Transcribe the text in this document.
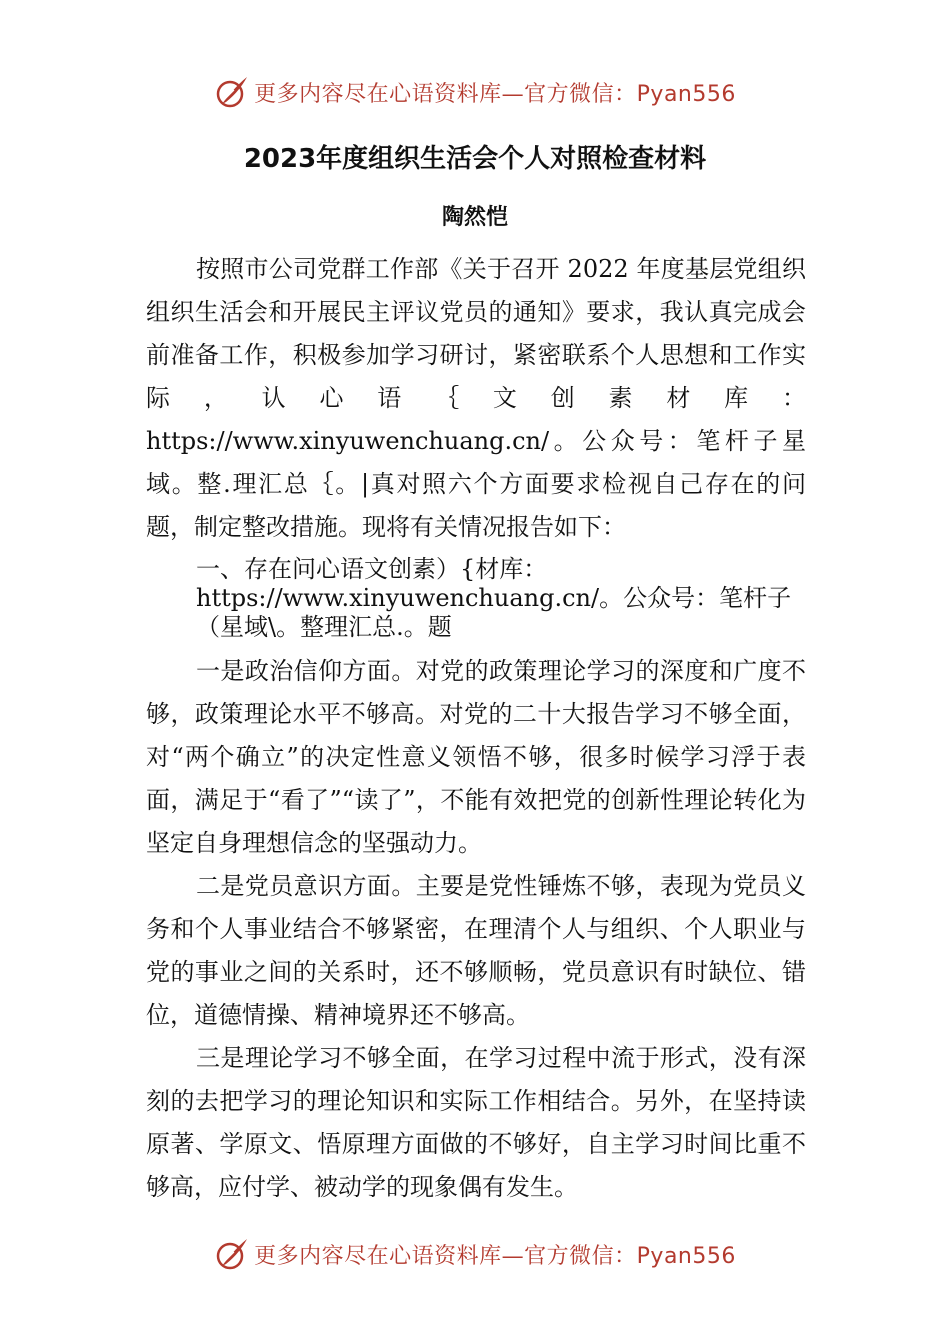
更多内容尽在心语资料库—官方微信：Pyan556
2023年度组织生活会个人对照检查材料
陶然恺

按照市公司党群工作部《关于召开 2022 年度基层党组织组织生活会和开展民主评议党员的通知》要求，我认真完成会前准备工作，积极参加学习研讨，紧密联系个人思想和工作实际，认心语｛文创素材库：https://www.xinyuwenchuang.cn/。公众号：笔杆子星域。整.理汇总｛。|真对照六个方面要求检视自己存在的问题，制定整改措施。现将有关情况报告如下：

一、存在问心语文创素）{材库：https://www.xinyuwenchuang.cn/。公众号：笔杆子（星域\。整理汇总.。题

一是政治信仰方面。对党的政策理论学习的深度和广度不够，政策理论水平不够高。对党的二十大报告学习不够全面，对“两个确立”的决定性意义领悟不够，很多时候学习浮于表面，满足于“看了”“读了”，不能有效把党的创新性理论转化为坚定自身理想信念的坚强动力。

二是党员意识方面。主要是党性锤炼不够，表现为党员义务和个人事业结合不够紧密，在理清个人与组织、个人职业与党的事业之间的关系时，还不够顺畅，党员意识有时缺位、错位，道德情操、精神境界还不够高。

三是理论学习不够全面，在学习过程中流于形式，没有深刻的去把学习的理论知识和实际工作相结合。另外，在坚持读原著、学原文、悟原理方面做的不够好，自主学习时间比重不够高，应付学、被动学的现象偶有发生。

更多内容尽在心语资料库—官方微信：Pyan556
